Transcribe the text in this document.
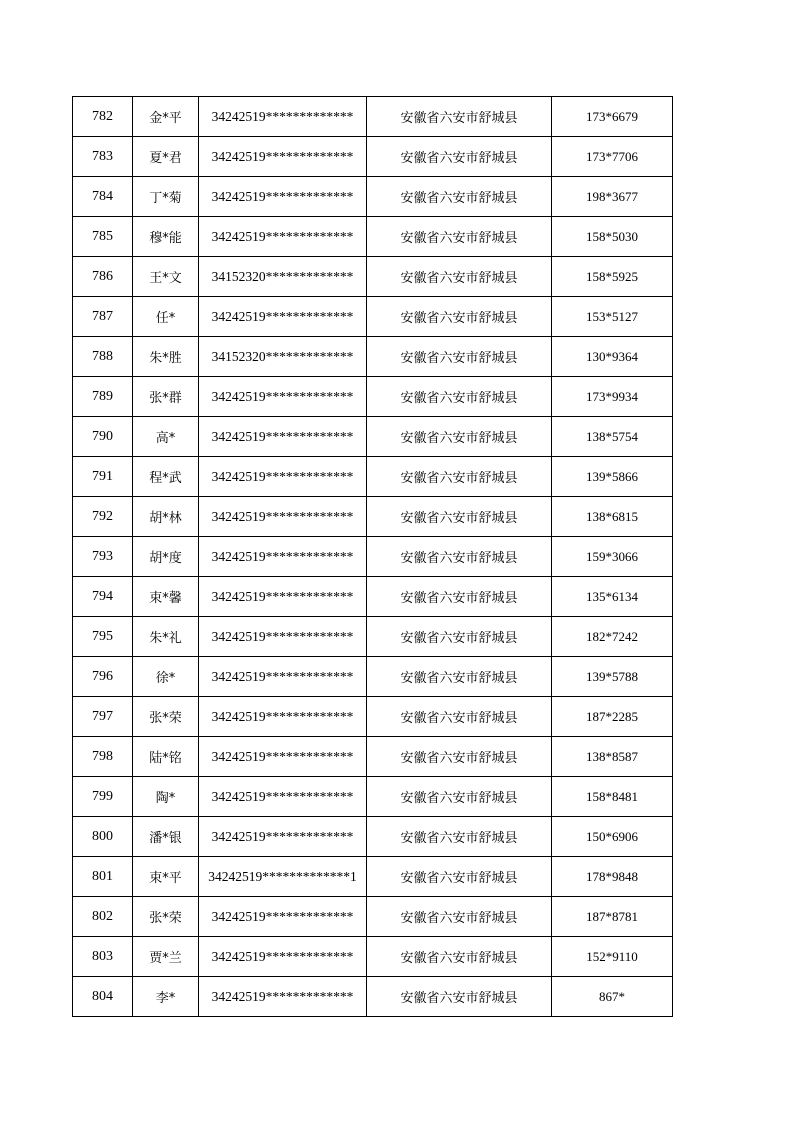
782	金*平	34242519*************	安徽省六安市舒城县	173*6679
783	夏*君	34242519*************	安徽省六安市舒城县	173*7706
784	丁*菊	34242519*************	安徽省六安市舒城县	198*3677
785	穆*能	34242519*************	安徽省六安市舒城县	158*5030
786	王*文	34152320*************	安徽省六安市舒城县	158*5925
787	任*	34242519*************	安徽省六安市舒城县	153*5127
788	朱*胜	34152320*************	安徽省六安市舒城县	130*9364
789	张*群	34242519*************	安徽省六安市舒城县	173*9934
790	高*	34242519*************	安徽省六安市舒城县	138*5754
791	程*武	34242519*************	安徽省六安市舒城县	139*5866
792	胡*林	34242519*************	安徽省六安市舒城县	138*6815
793	胡*度	34242519*************	安徽省六安市舒城县	159*3066
794	束*馨	34242519*************	安徽省六安市舒城县	135*6134
795	朱*礼	34242519*************	安徽省六安市舒城县	182*7242
796	徐*	34242519*************	安徽省六安市舒城县	139*5788
797	张*荣	34242519*************	安徽省六安市舒城县	187*2285
798	陆*铭	34242519*************	安徽省六安市舒城县	138*8587
799	陶*	34242519*************	安徽省六安市舒城县	158*8481
800	潘*银	34242519*************	安徽省六安市舒城县	150*6906
801	束*平	34242519*************1	安徽省六安市舒城县	178*9848
802	张*荣	34242519*************	安徽省六安市舒城县	187*8781
803	贾*兰	34242519*************	安徽省六安市舒城县	152*9110
804	李*	34242519*************	安徽省六安市舒城县	867*
